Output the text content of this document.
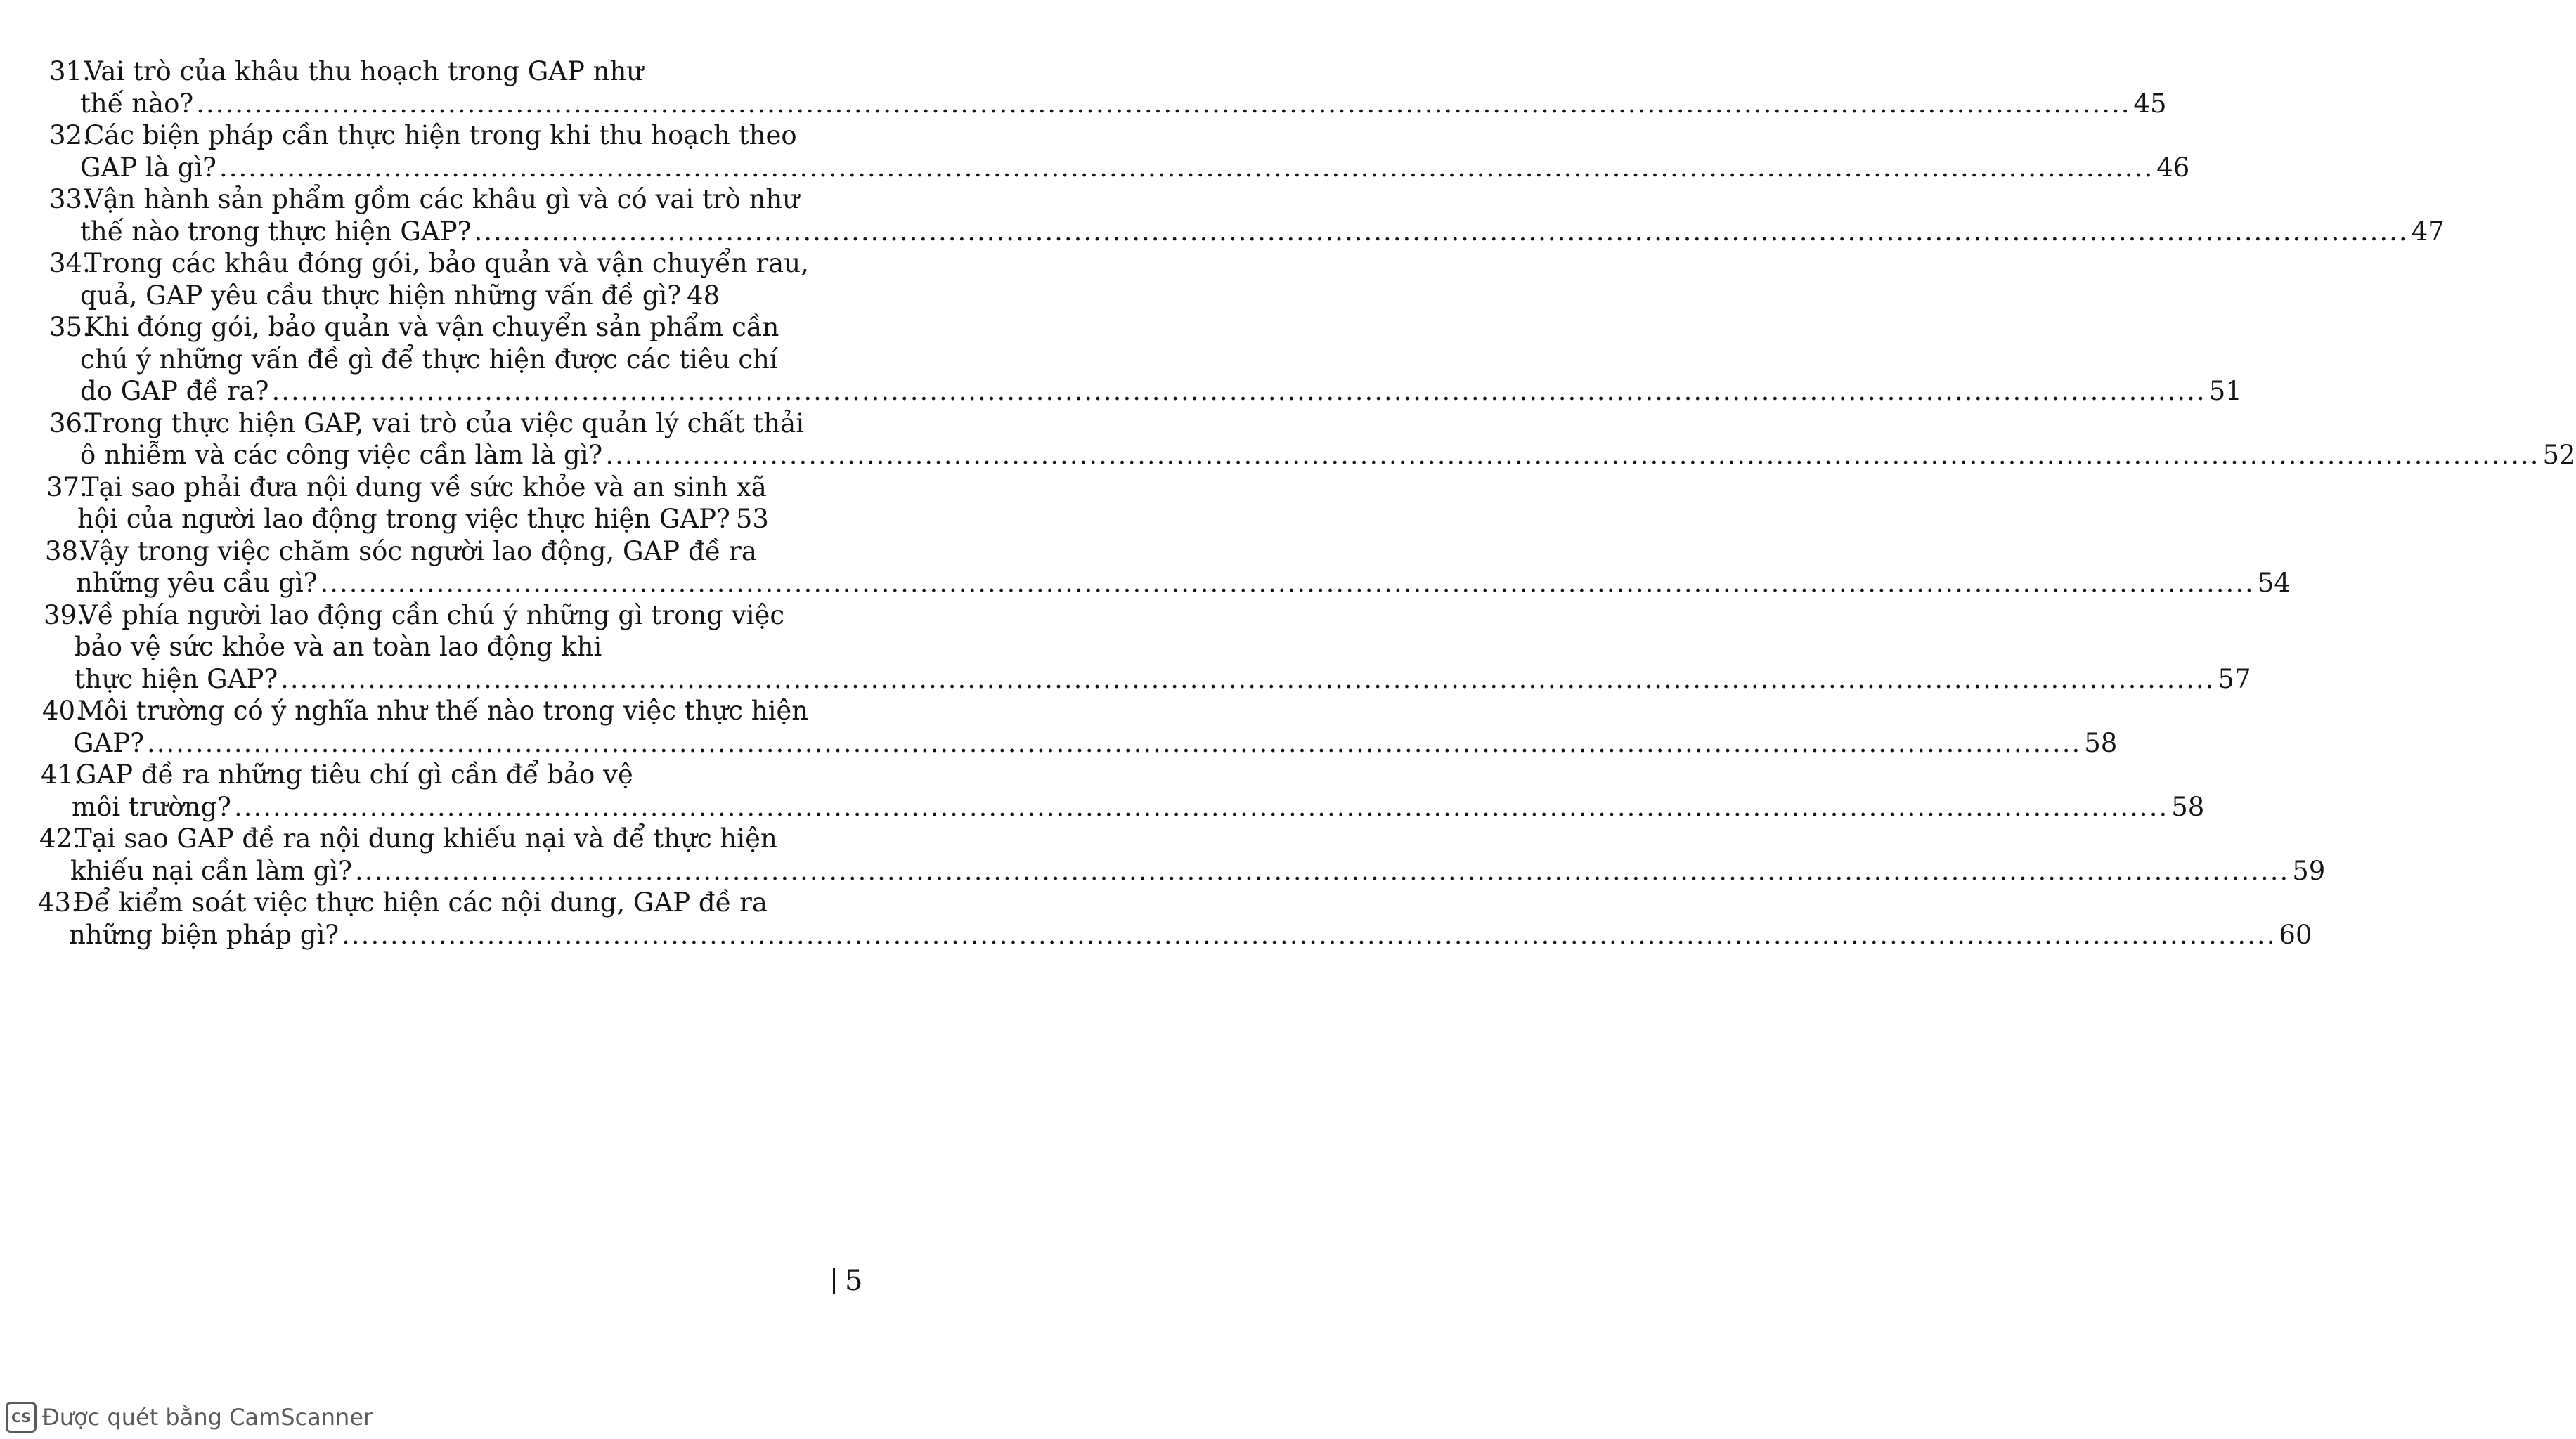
31.Vai trò của khâu thu hoạch trong GAP như
thế nào? ........................................................................................................................................................................................................ 45
32.Các biện pháp cần thực hiện trong khi thu hoạch theo
GAP là gì? ........................................................................................................................................................................................................ 46
33.Vận hành sản phẩm gồm các khâu gì và có vai trò như
thế nào trong thực hiện GAP? ........................................................................................................................................................................................................ 47
34.Trong các khâu đóng gói, bảo quản và vận chuyển rau,
quả, GAP yêu cầu thực hiện những vấn đề gì? 48
35.Khi đóng gói, bảo quản và vận chuyển sản phẩm cần
chú ý những vấn đề gì để thực hiện được các tiêu chí
do GAP đề ra? ........................................................................................................................................................................................................ 51
36.Trong thực hiện GAP, vai trò của việc quản lý chất thải
ô nhiễm và các công việc cần làm là gì? ........................................................................................................................................................................................................ 52
37.Tại sao phải đưa nội dung về sức khỏe và an sinh xã
hội của người lao động trong việc thực hiện GAP? 53
38.Vậy trong việc chăm sóc người lao động, GAP đề ra
những yêu cầu gì? ........................................................................................................................................................................................................ 54
39.Về phía người lao động cần chú ý những gì trong việc
bảo vệ sức khỏe và an toàn lao động khi
thực hiện GAP? ........................................................................................................................................................................................................ 57
40.Môi trường có ý nghĩa như thế nào trong việc thực hiện
GAP? ........................................................................................................................................................................................................ 58
41.GAP đề ra những tiêu chí gì cần để bảo vệ
môi trường? ........................................................................................................................................................................................................ 58
42.Tại sao GAP đề ra nội dung khiếu nại và để thực hiện
khiếu nại cần làm gì? ........................................................................................................................................................................................................ 59
43.Để kiểm soát việc thực hiện các nội dung, GAP đề ra
những biện pháp gì? ........................................................................................................................................................................................................ 60
5
CS Được quét bằng CamScanner
